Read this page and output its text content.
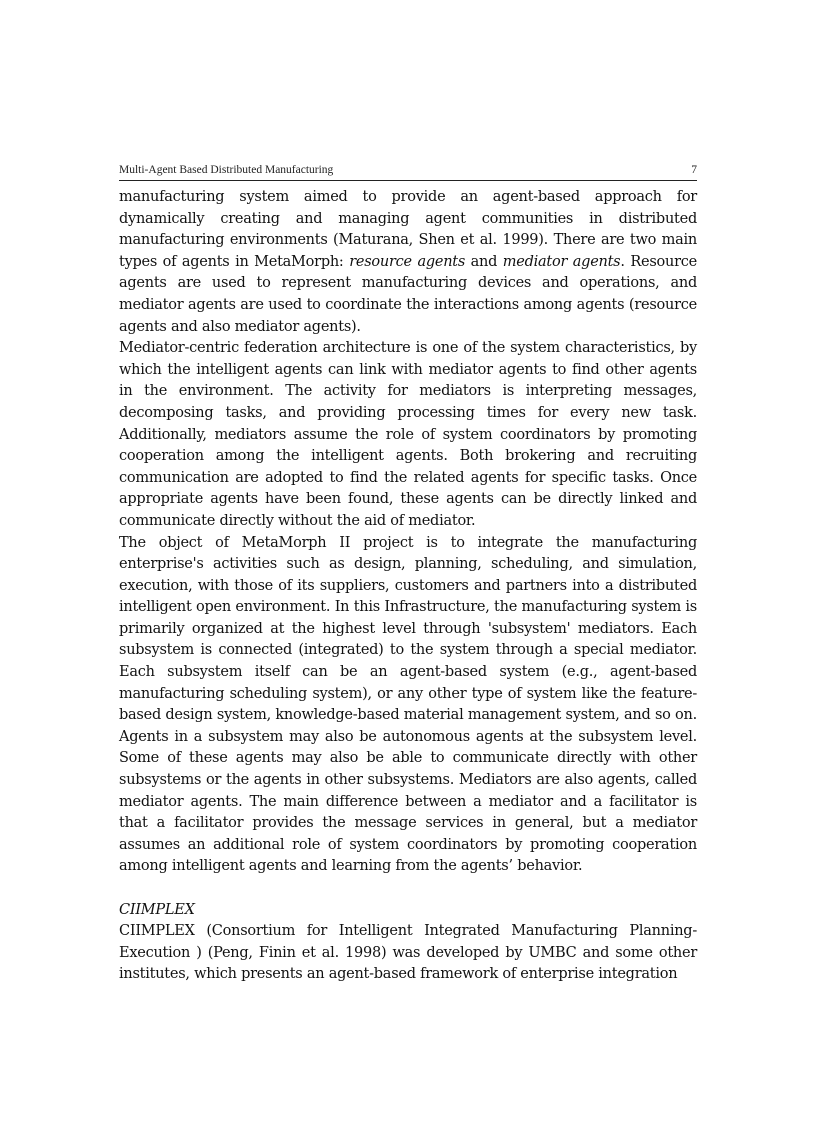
Multi-Agent Based Distributed Manufacturing	7

manufacturing system aimed to provide an agent-based approach for dynamically creating and managing agent communities in distributed manufacturing environments (Maturana, Shen et al. 1999). There are two main types of agents in MetaMorph: resource agents and mediator agents. Resource agents are used to represent manufacturing devices and operations, and mediator agents are used to coordinate the interactions among agents (resource agents and also mediator agents).

Mediator-centric federation architecture is one of the system characteristics, by which the intelligent agents can link with mediator agents to find other agents in the environment. The activity for mediators is interpreting messages, decomposing tasks, and providing processing times for every new task. Additionally, mediators assume the role of system coordinators by promoting cooperation among the intelligent agents. Both brokering and recruiting communication are adopted to find the related agents for specific tasks. Once appropriate agents have been found, these agents can be directly linked and communicate directly without the aid of mediator.

The object of MetaMorph II project is to integrate the manufacturing enterprise's activities such as design, planning, scheduling, and simulation, execution, with those of its suppliers, customers and partners into a distributed intelligent open environment. In this Infrastructure, the manufacturing system is primarily organized at the highest level through 'subsystem' mediators. Each subsystem is connected (integrated) to the system through a special mediator. Each subsystem itself can be an agent-based system (e.g., agent-based manufacturing scheduling system), or any other type of system like the feature-based design system, knowledge-based material management system, and so on. Agents in a subsystem may also be autonomous agents at the subsystem level. Some of these agents may also be able to communicate directly with other subsystems or the agents in other subsystems. Mediators are also agents, called mediator agents. The main difference between a mediator and a facilitator is that a facilitator provides the message services in general, but a mediator assumes an additional role of system coordinators by promoting cooperation among intelligent agents and learning from the agents’ behavior.

CIIMPLEX

CIIMPLEX (Consortium for Intelligent Integrated Manufacturing Planning-Execution ) (Peng, Finin et al. 1998) was developed by UMBC and some other institutes, which presents an agent-based framework of enterprise integration
